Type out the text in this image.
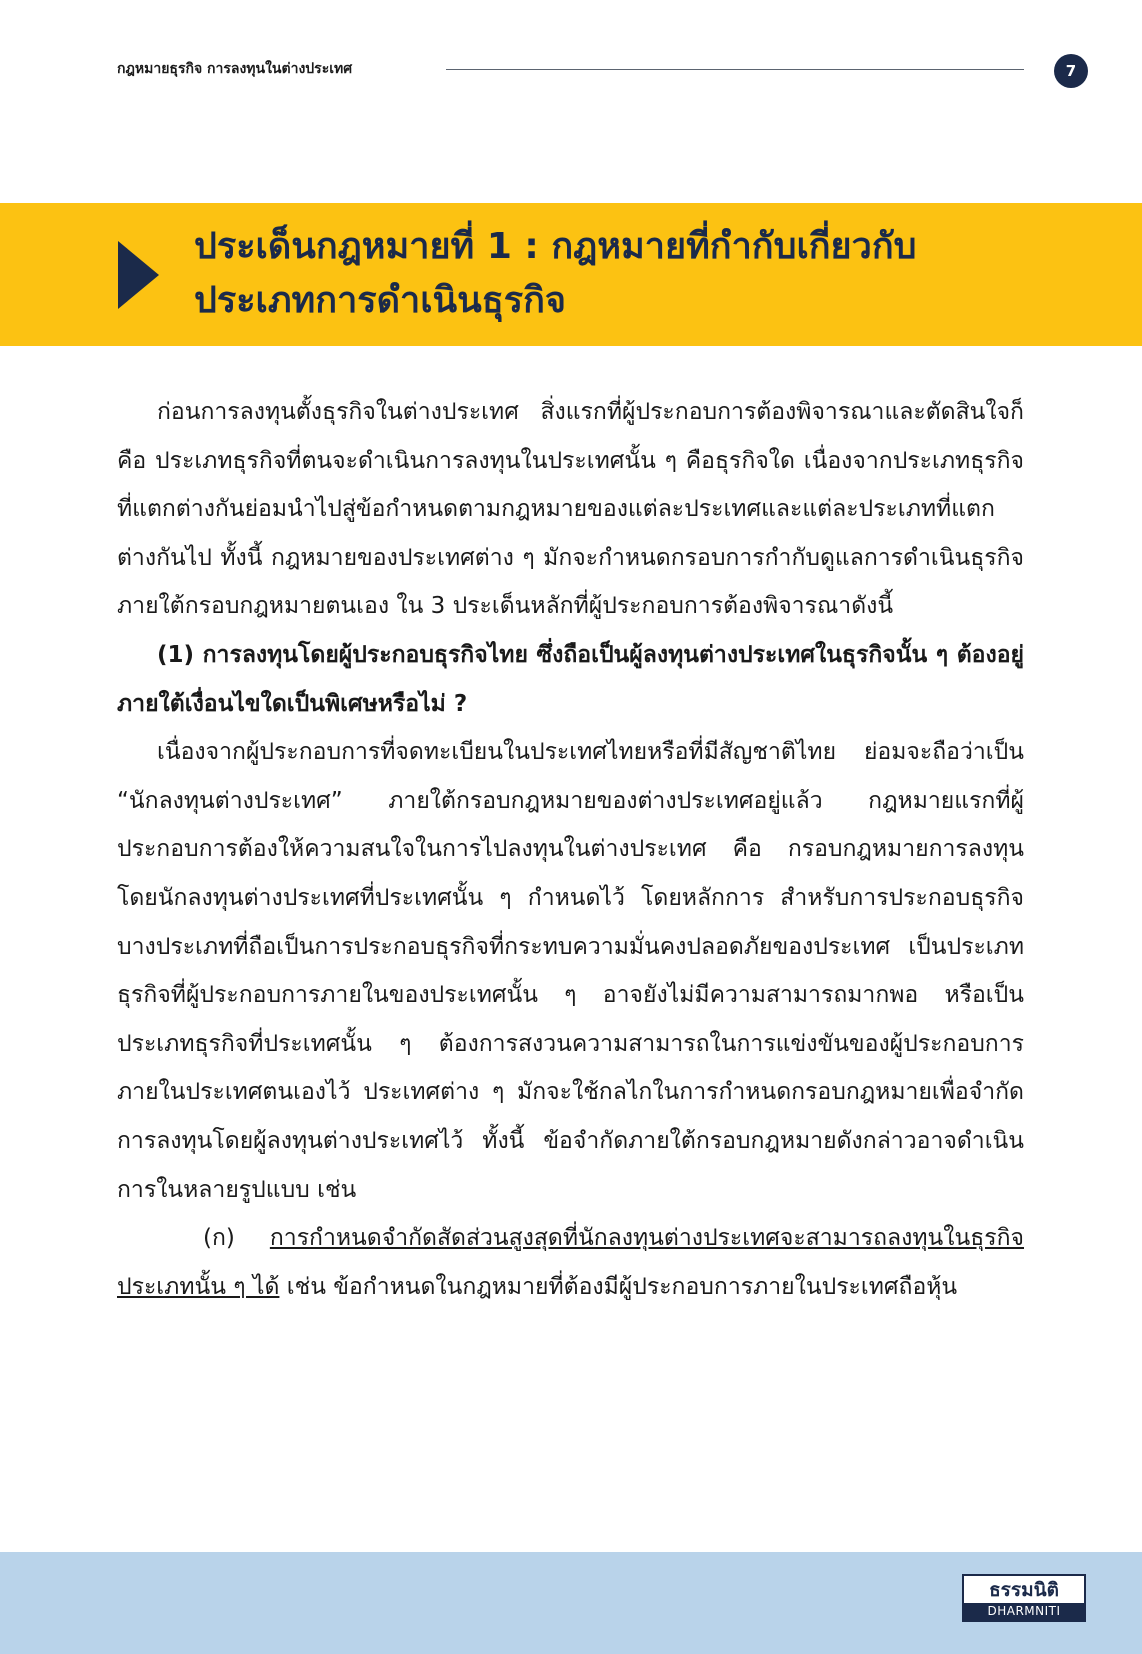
กฎหมายธุรกิจ การลงทุนในต่างประเทศ	7
ประเด็นกฎหมายที่ 1 : กฎหมายที่กำกับเกี่ยวกับ
ประเภทการดำเนินธุรกิจ

ก่อนการลงทุนตั้งธุรกิจในต่างประเทศ สิ่งแรกที่ผู้ประกอบการต้องพิจารณาและตัดสินใจก็คือ ประเภทธุรกิจที่ตนจะดำเนินการลงทุนในประเทศนั้น ๆ คือธุรกิจใด เนื่องจากประเภทธุรกิจที่แตกต่างกันย่อมนำไปสู่ข้อกำหนดตามกฎหมายของแต่ละประเทศและแต่ละประเภทที่แตกต่างกันไป ทั้งนี้ กฎหมายของประเทศต่าง ๆ มักจะกำหนดกรอบการกำกับดูแลการดำเนินธุรกิจภายใต้กรอบกฎหมายตนเอง ใน 3 ประเด็นหลักที่ผู้ประกอบการต้องพิจารณาดังนี้

(1) การลงทุนโดยผู้ประกอบธุรกิจไทย ซึ่งถือเป็นผู้ลงทุนต่างประเทศในธุรกิจนั้น ๆ ต้องอยู่ภายใต้เงื่อนไขใดเป็นพิเศษหรือไม่ ?

เนื่องจากผู้ประกอบการที่จดทะเบียนในประเทศไทยหรือที่มีสัญชาติไทย ย่อมจะถือว่าเป็น “นักลงทุนต่างประเทศ” ภายใต้กรอบกฎหมายของต่างประเทศอยู่แล้ว กฎหมายแรกที่ผู้ประกอบการต้องให้ความสนใจในการไปลงทุนในต่างประเทศ คือ กรอบกฎหมายการลงทุนโดยนักลงทุนต่างประเทศที่ประเทศนั้น ๆ กำหนดไว้ โดยหลักการ สำหรับการประกอบธุรกิจบางประเภทที่ถือเป็นการประกอบธุรกิจที่กระทบความมั่นคงปลอดภัยของประเทศ เป็นประเภทธุรกิจที่ผู้ประกอบการภายในของประเทศนั้น ๆ อาจยังไม่มีความสามารถมากพอ หรือเป็นประเภทธุรกิจที่ประเทศนั้น ๆ ต้องการสงวนความสามารถในการแข่งขันของผู้ประกอบการภายในประเทศตนเองไว้ ประเทศต่าง ๆ มักจะใช้กลไกในการกำหนดกรอบกฎหมายเพื่อจำกัดการลงทุนโดยผู้ลงทุนต่างประเทศไว้ ทั้งนี้ ข้อจำกัดภายใต้กรอบกฎหมายดังกล่าวอาจดำเนินการในหลายรูปแบบ เช่น

(ก) การกำหนดจำกัดสัดส่วนสูงสุดที่นักลงทุนต่างประเทศจะสามารถลงทุนในธุรกิจประเภทนั้น ๆ ได้ เช่น ข้อกำหนดในกฎหมายที่ต้องมีผู้ประกอบการภายในประเทศถือหุ้น

ธรรมนิติ
DHARMNITI
